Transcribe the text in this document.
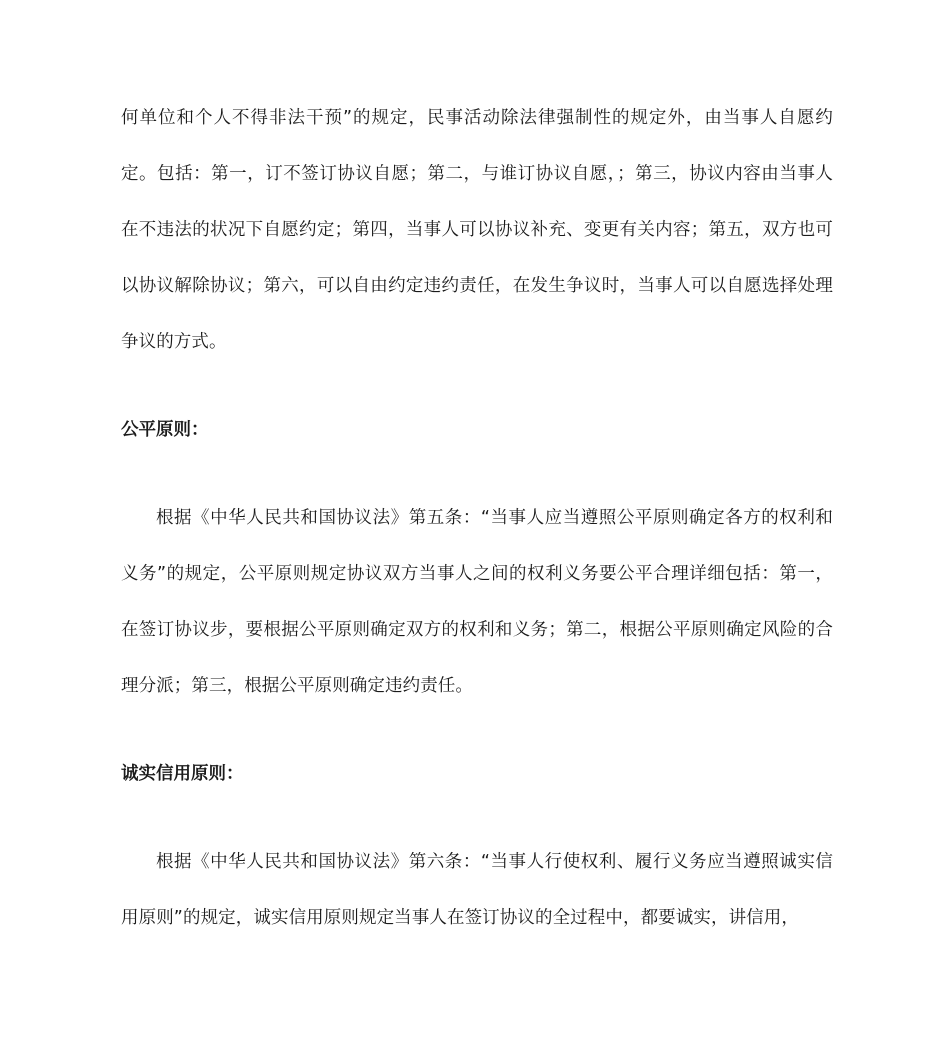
何单位和个人不得非法干预”的规定，民事活动除法律强制性的规定外，由当事人自愿约定。包括：第一，订不签订协议自愿；第二，与谁订协议自愿，；第三，协议内容由当事人在不违法的状况下自愿约定；第四，当事人可以协议补充、变更有关内容；第五，双方也可以协议解除协议；第六，可以自由约定违约责任，在发生争议时，当事人可以自愿选择处理争议的方式。

公平原则：

根据《中华人民共和国协议法》第五条：“当事人应当遵照公平原则确定各方的权利和义务”的规定，公平原则规定协议双方当事人之间的权利义务要公平合理详细包括：第一，在签订协议步，要根据公平原则确定双方的权利和义务；第二，根据公平原则确定风险的合理分派；第三，根据公平原则确定违约责任。

诚实信用原则：

根据《中华人民共和国协议法》第六条：“当事人行使权利、履行义务应当遵照诚实信用原则”的规定，诚实信用原则规定当事人在签订协议的全过程中，都要诚实，讲信用，
